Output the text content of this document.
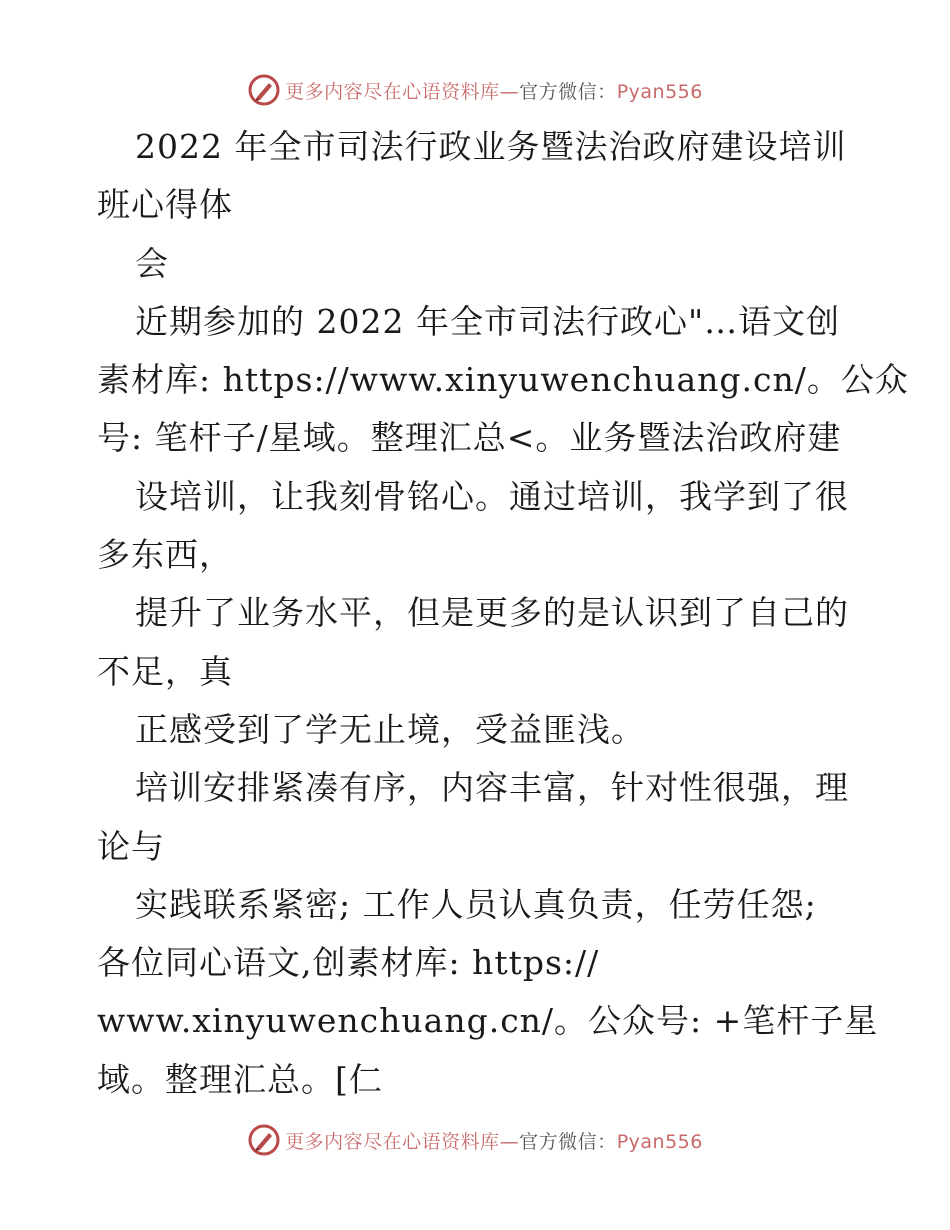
更多内容尽在心语资料库—官方微信：Pyan556
2022 年全市司法行政业务暨法治政府建设培训
班心得体
会
近期参加的 2022 年全市司法行政心"…语文创
素材库: https://www.xinyuwenchuang.cn/。公众
号: 笔杆子/星域。整理汇总<。业务暨法治政府建
设培训，让我刻骨铭心。通过培训，我学到了很
多东西，
提升了业务水平，但是更多的是认识到了自己的
不足，真
正感受到了学无止境，受益匪浅。
培训安排紧凑有序，内容丰富，针对性很强，理
论与
实践联系紧密; 工作人员认真负责，任劳任怨;
各位同心语文,创素材库: https://
www.xinyuwenchuang.cn/。公众号: +笔杆子星
域。整理汇总。[仁
更多内容尽在心语资料库—官方微信：Pyan556
